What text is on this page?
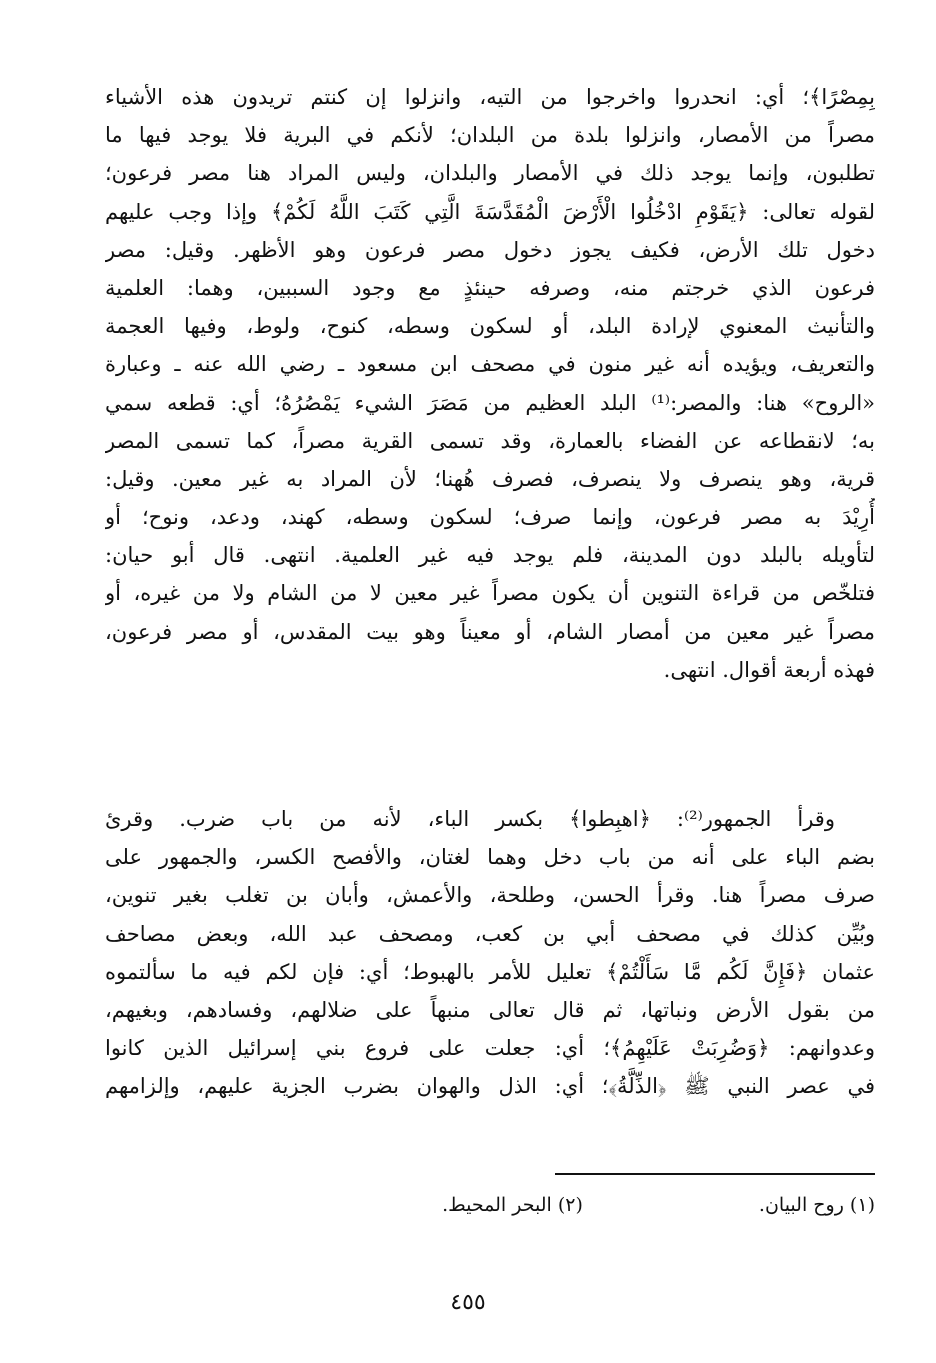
بِمِصْرًا﴾؛ أي: انحدروا واخرجوا من التيه، وانزلوا إن كنتم تريدون هذه الأشياء
مصراً من الأمصار، وانزلوا بلدة من البلدان؛ لأنكم في البرية فلا يوجد فيها ما
تطلبون، وإنما يوجد ذلك في الأمصار والبلدان، وليس المراد هنا مصر فرعون؛
لقوله تعالى: ﴿يَقَوْمِ ادْخُلُوا الْأَرْضَ الْمُقَدَّسَةَ الَّتِي كَتَبَ اللَّهُ لَكُمْ﴾ وإذا وجب عليهم
دخول تلك الأرض، فكيف يجوز دخول مصر فرعون وهو الأظهر. وقيل: مصر
فرعون الذي خرجتم منه، وصرفه حينئذٍ مع وجود السببين، وهما: العلمية
والتأنيث المعنوي لإرادة البلد، أو لسكون وسطه، كنوح، ولوط، وفيها العجمة
والتعريف، ويؤيده أنه غير منون في مصحف ابن مسعود ـ رضي الله عنه ـ وعبارة
«الروح» هنا: والمصر:⁽¹⁾ البلد العظيم من مَصَرَ الشيء يَمْصُرُهُ؛ أي: قطعه سمي
به؛ لانقطاعه عن الفضاء بالعمارة، وقد تسمى القرية مصراً، كما تسمى المصر
قرية، وهو ينصرف ولا ينصرف، فصرف هُهنا؛ لأن المراد به غير معين. وقيل:
أُرِيْدَ به مصر فرعون، وإنما صرف؛ لسكون وسطه، كهند، ودعد، ونوح؛ أو
لتأويله بالبلد دون المدينة، فلم يوجد فيه غير العلمية. انتهى. قال أبو حيان:
فتلخّص من قراءة التنوين أن يكون مصراً غير معين لا من الشام ولا من غيره، أو
مصراً غير معين من أمصار الشام، أو معيناً وهو بيت المقدس، أو مصر فرعون،
فهذه أربعة أقوال. انتهى.
وقرأ الجمهور⁽²⁾: ﴿اهبِطوا﴾ بكسر الباء، لأنه من باب ضرب. وقرئ
بضم الباء على أنه من باب دخل وهما لغتان، والأفصح الكسر، والجمهور على
صرف مصراً هنا. وقرأ الحسن، وطلحة، والأعمش، وأبان بن تغلب بغير تنوين،
وبُيِّن كذلك في مصحف أبي بن كعب، ومصحف عبد الله، وبعض مصاحف
عثمان ﴿فَإِنَّ لَكُم مَّا سَأَلْتُمْ﴾ تعليل للأمر بالهبوط؛ أي: فإن لكم فيه ما سألتموه
من بقول الأرض ونباتها، ثم قال تعالى منبهاً على ضلالهم، وفسادهم، وبغيهم،
وعدوانهم: ﴿وَضُرِبَتْ عَلَيْهِمُ﴾؛ أي: جعلت على فروع بني إسرائيل الذين كانوا
في عصر النبي ﷺ ﴿الذِّلَّةُ﴾؛ أي: الذل والهوان بضرب الجزية عليهم، وإلزامهم
(١) روح البيان. (٢) البحر المحيط.
٤٥٥
